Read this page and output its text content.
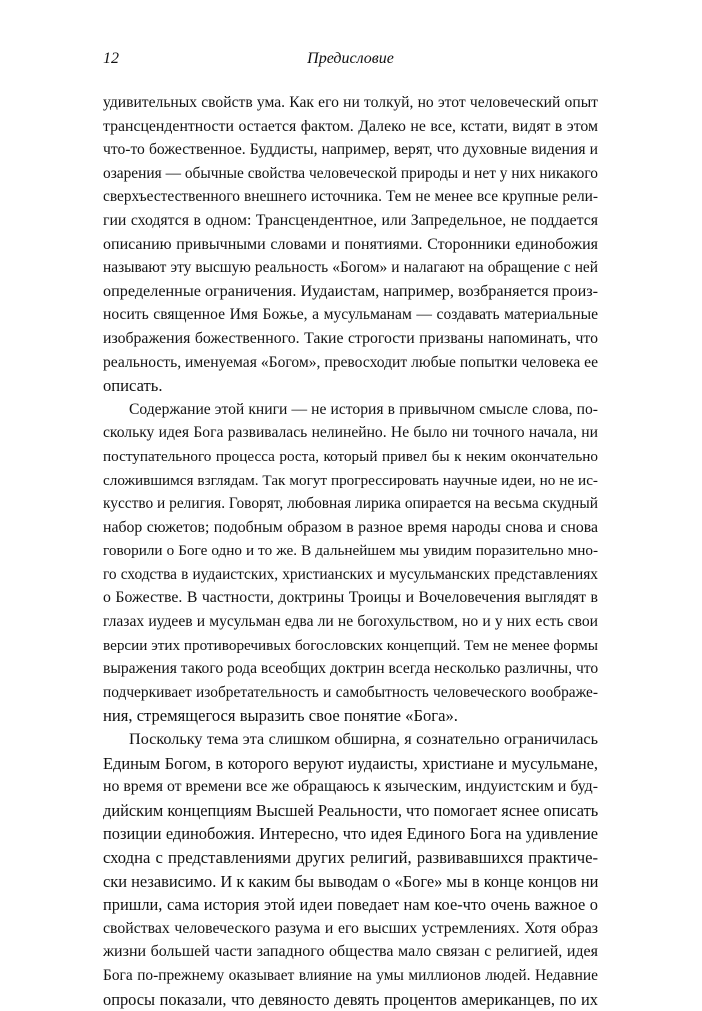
12	Предисловие
удивительных свойств ума. Как его ни толкуй, но этот человеческий опыт
трансцендентности остается фактом. Далеко не все, кстати, видят в этом
что-то божественное. Буддисты, например, верят, что духовные видения и
озарения — обычные свойства человеческой природы и нет у них никакого
сверхъестественного внешнего источника. Тем не менее все крупные рели-
гии сходятся в одном: Трансцендентное, или Запредельное, не поддается
описанию привычными словами и понятиями. Сторонники единобожия
называют эту высшую реальность «Богом» и налагают на обращение с ней
определенные ограничения. Иудаистам, например, возбраняется произ-
носить священное Имя Божье, а мусульманам — создавать материальные
изображения божественного. Такие строгости призваны напоминать, что
реальность, именуемая «Богом», превосходит любые попытки человека ее
описать.
Содержание этой книги — не история в привычном смысле слова, по-
скольку идея Бога развивалась нелинейно. Не было ни точного начала, ни
поступательного процесса роста, который привел бы к неким окончательно
сложившимся взглядам. Так могут прогрессировать научные идеи, но не ис-
кусство и религия. Говорят, любовная лирика опирается на весьма скудный
набор сюжетов; подобным образом в разное время народы снова и снова
говорили о Боге одно и то же. В дальнейшем мы увидим поразительно мно-
го сходства в иудаистских, христианских и мусульманских представлениях
о Божестве. В частности, доктрины Троицы и Вочеловечения выглядят в
глазах иудеев и мусульман едва ли не богохульством, но и у них есть свои
версии этих противоречивых богословских концепций. Тем не менее формы
выражения такого рода всеобщих доктрин всегда несколько различны, что
подчеркивает изобретательность и самобытность человеческого воображе-
ния, стремящегося выразить свое понятие «Бога».
Поскольку тема эта слишком обширна, я сознательно ограничилась
Единым Богом, в которого веруют иудаисты, христиане и мусульмане,
но время от времени все же обращаюсь к языческим, индуистским и буд-
дийским концепциям Высшей Реальности, что помогает яснее описать
позиции единобожия. Интересно, что идея Единого Бога на удивление
сходна с представлениями других религий, развивавшихся практиче-
ски независимо. И к каким бы выводам о «Боге» мы в конце концов ни
пришли, сама история этой идеи поведает нам кое-что очень важное о
свойствах человеческого разума и его высших устремлениях. Хотя образ
жизни большей части западного общества мало связан с религией, идея
Бога по-прежнему оказывает влияние на умы миллионов людей. Недавние
опросы показали, что девяносто девять процентов американцев, по их
